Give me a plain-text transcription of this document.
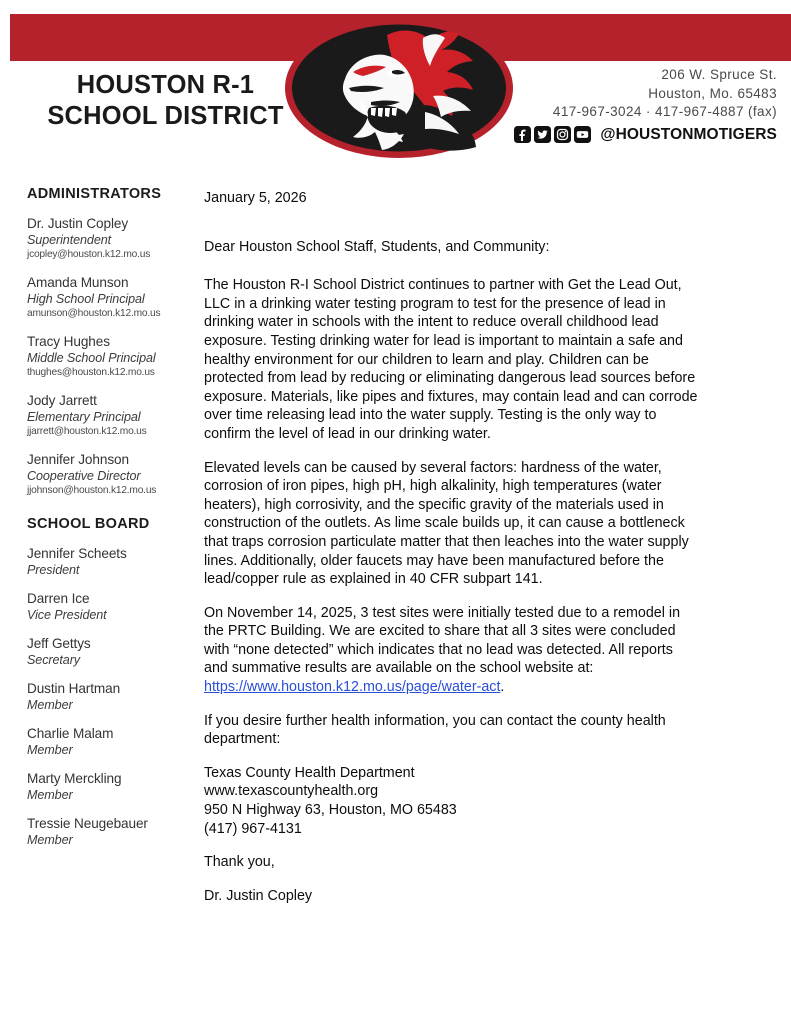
HOUSTON R-1
SCHOOL DISTRICT
206 W. Spruce St.
Houston, Mo. 65483
417-967-3024 · 417-967-4887 (fax)
@HOUSTONMOTIGERS
ADMINISTRATORS
Dr. Justin Copley
Superintendent
jcopley@houston.k12.mo.us
Amanda Munson
High School Principal
amunson@houston.k12.mo.us
Tracy Hughes
Middle School Principal
thughes@houston.k12.mo.us
Jody Jarrett
Elementary Principal
jjarrett@houston.k12.mo.us
Jennifer Johnson
Cooperative Director
jjohnson@houston.k12.mo.us
SCHOOL BOARD
Jennifer Scheets
President
Darren Ice
Vice President
Jeff Gettys
Secretary
Dustin Hartman
Member
Charlie Malam
Member
Marty Merckling
Member
Tressie Neugebauer
Member

January 5, 2026

Dear Houston School Staff, Students, and Community:

The Houston R-I School District continues to partner with Get the Lead Out, LLC in a drinking water testing program to test for the presence of lead in drinking water in schools with the intent to reduce overall childhood lead exposure. Testing drinking water for lead is important to maintain a safe and healthy environment for our children to learn and play. Children can be protected from lead by reducing or eliminating dangerous lead sources before exposure. Materials, like pipes and fixtures, may contain lead and can corrode over time releasing lead into the water supply. Testing is the only way to confirm the level of lead in our drinking water.

Elevated levels can be caused by several factors: hardness of the water, corrosion of iron pipes, high pH, high alkalinity, high temperatures (water heaters), high corrosivity, and the specific gravity of the materials used in construction of the outlets. As lime scale builds up, it can cause a bottleneck that traps corrosion particulate matter that then leaches into the water supply lines. Additionally, older faucets may have been manufactured before the lead/copper rule as explained in 40 CFR subpart 141.

On November 14, 2025, 3 test sites were initially tested due to a remodel in the PRTC Building. We are excited to share that all 3 sites were concluded with “none detected” which indicates that no lead was detected. All reports and summative results are available on the school website at: https://www.houston.k12.mo.us/page/water-act.

If you desire further health information, you can contact the county health department:

Texas County Health Department
www.texascountyhealth.org
950 N Highway 63, Houston, MO 65483
(417) 967-4131

Thank you,

Dr. Justin Copley
